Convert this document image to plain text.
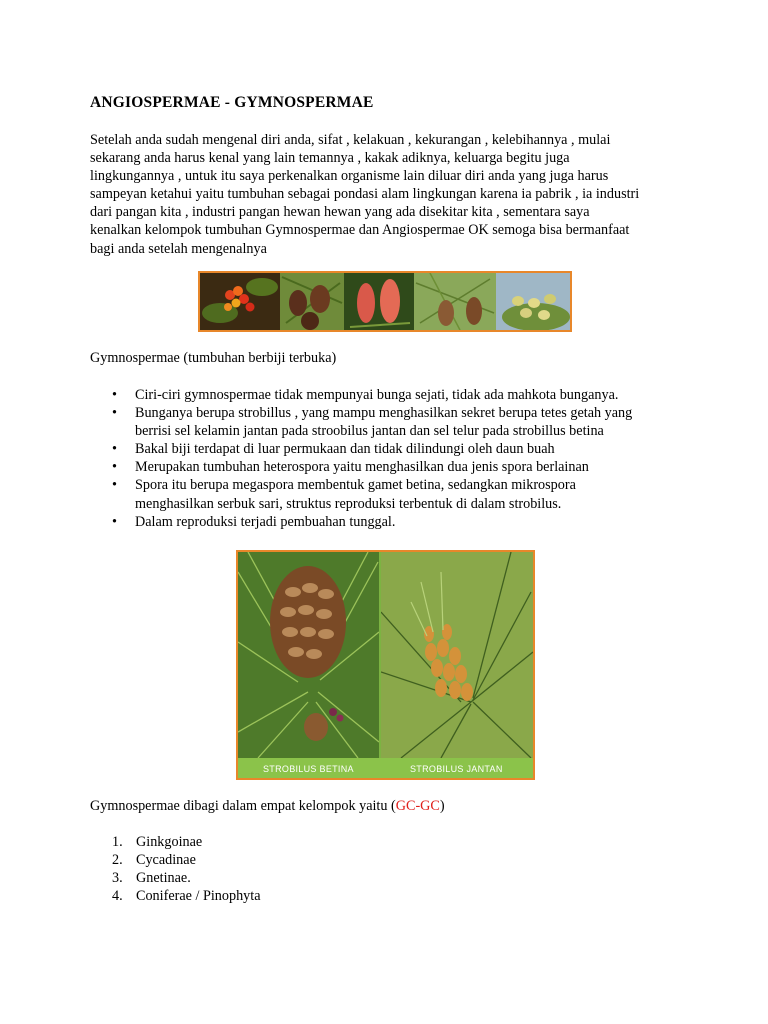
ANGIOSPERMAE - GYMNOSPERMAE
Setelah anda sudah mengenal diri anda, sifat , kelakuan , kekurangan , kelebihannya , mulai
sekarang anda harus kenal yang lain temannya , kakak adiknya, keluarga begitu juga
lingkungannya , untuk itu saya perkenalkan organisme lain diluar diri anda yang juga harus
sampeyan ketahui yaitu tumbuhan sebagai pondasi alam lingkungan karena ia pabrik , ia industri
dari pangan kita , industri pangan hewan hewan yang ada disekitar kita , sementara saya
kenalkan kelompok tumbuhan Gymnospermae dan Angiospermae OK semoga bisa bermanfaat
bagi anda setelah mengenalnya
Gymnospermae (tumbuhan berbiji terbuka)
• Ciri-ciri gymnospermae tidak mempunyai bunga sejati, tidak ada mahkota bunganya.
• Bunganya berupa strobillus , yang mampu menghasilkan sekret berupa tetes getah yang
berrisi sel kelamin jantan pada stroobilus jantan dan sel telur pada strobillus betina
• Bakal biji terdapat di luar permukaan dan tidak dilindungi oleh daun buah
• Merupakan tumbuhan heterospora yaitu menghasilkan dua jenis spora berlainan
• Spora itu berupa megaspora membentuk gamet betina, sedangkan mikrospora
menghasilkan serbuk sari, struktus reproduksi terbentuk di dalam strobilus.
• Dalam reproduksi terjadi pembuahan tunggal.
STROBILUS BETINA	STROBILUS JANTAN
Gymnospermae dibagi dalam empat kelompok yaitu (GC-GC)
1. Ginkgoinae
2. Cycadinae
3. Gnetinae.
4. Coniferae / Pinophyta
